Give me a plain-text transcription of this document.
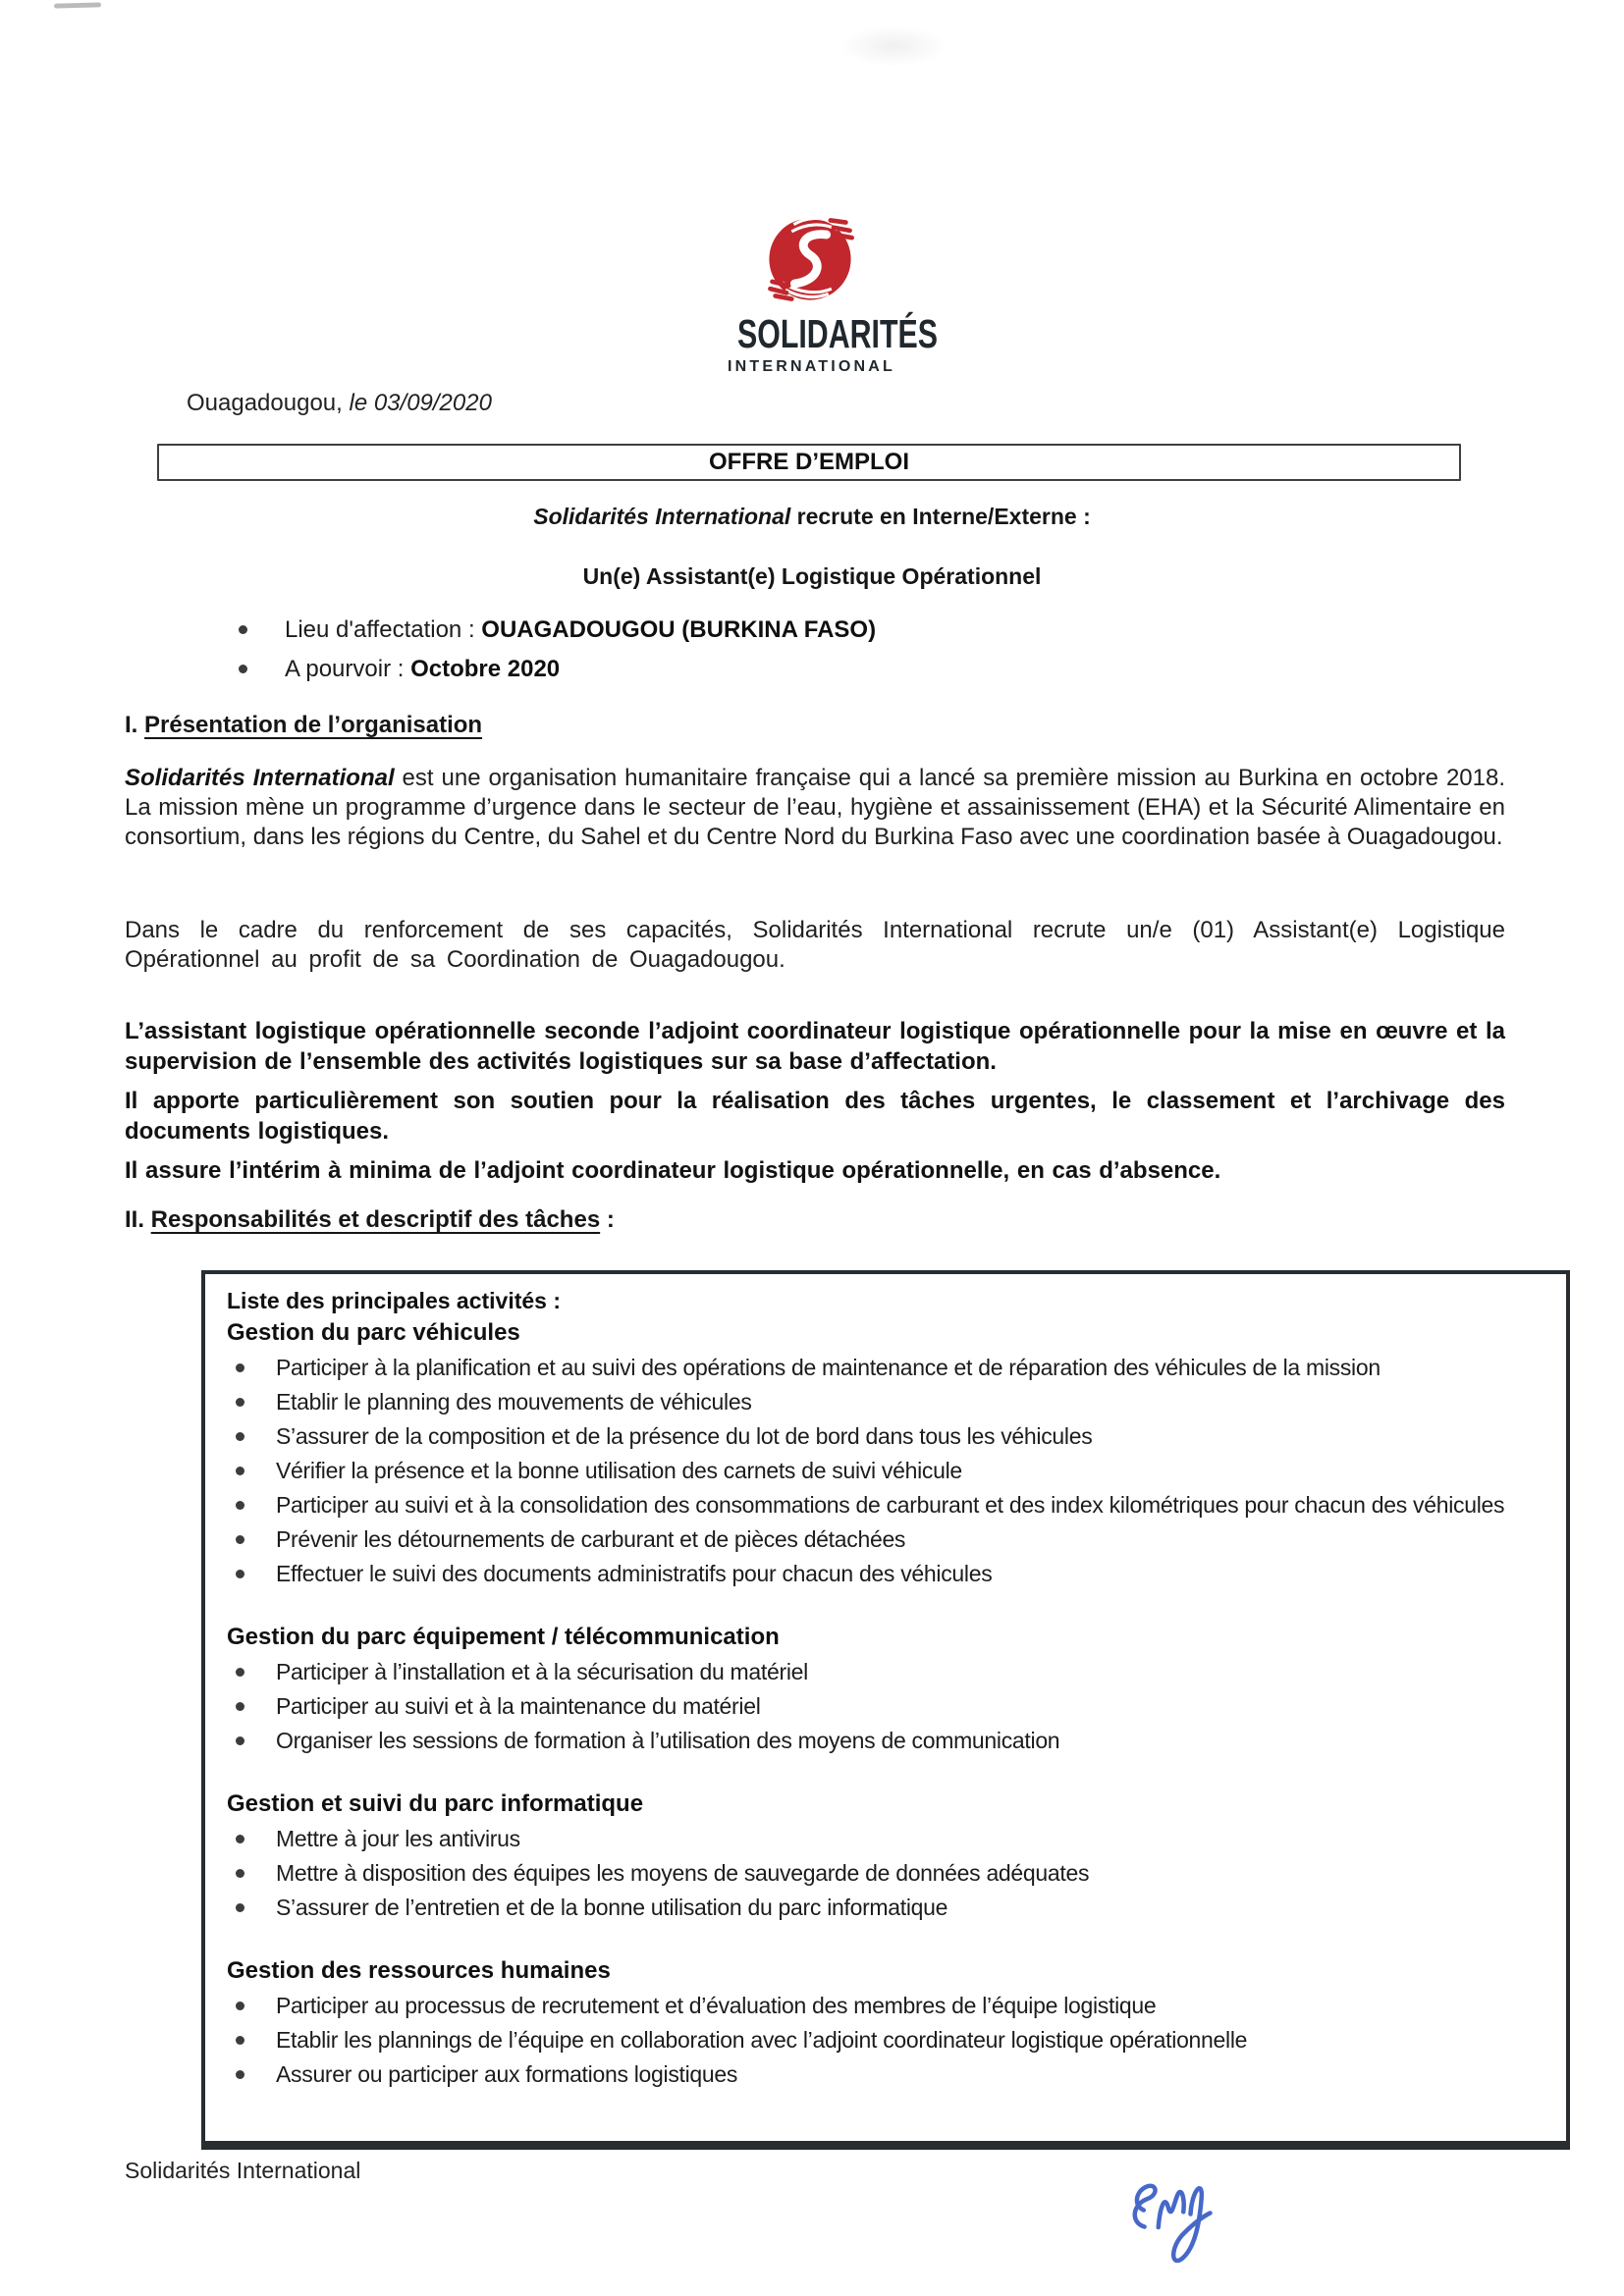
SOLIDARITÉS
INTERNATIONAL
Ouagadougou, le 03/09/2020
OFFRE D’EMPLOI
Solidarités International recrute en Interne/Externe :
Un(e) Assistant(e) Logistique Opérationnel
Lieu d'affectation : OUAGADOUGOU (BURKINA FASO)
A pourvoir : Octobre 2020
I. Présentation de l’organisation
Solidarités International est une organisation humanitaire française qui a lancé sa première mission au Burkina en octobre 2018. La mission mène un programme d’urgence dans le secteur de l’eau, hygiène et assainissement (EHA) et la Sécurité Alimentaire en consortium, dans les régions du Centre, du Sahel et du Centre Nord du Burkina Faso avec une coordination basée à Ouagadougou.
Dans le cadre du renforcement de ses capacités, Solidarités International recrute un/e (01) Assistant(e) Logistique Opérationnel au profit de sa Coordination de Ouagadougou.

L’assistant logistique opérationnelle seconde l’adjoint coordinateur logistique opérationnelle pour la mise en œuvre et la supervision de l’ensemble des activités logistiques sur sa base d’affectation.

Il apporte particulièrement son soutien pour la réalisation des tâches urgentes, le classement et l’archivage des documents logistiques.

Il assure l’intérim à minima de l’adjoint coordinateur logistique opérationnelle, en cas d’absence.

II. Responsabilités et descriptif des tâches :
Liste des principales activités :
Gestion du parc véhicules
Participer à la planification et au suivi des opérations de maintenance et de réparation des véhicules de la mission
Etablir le planning des mouvements de véhicules
S’assurer de la composition et de la présence du lot de bord dans tous les véhicules
Vérifier la présence et la bonne utilisation des carnets de suivi véhicule
Participer au suivi et à la consolidation des consommations de carburant et des index kilométriques pour chacun des véhicules
Prévenir les détournements de carburant et de pièces détachées
Effectuer le suivi des documents administratifs pour chacun des véhicules
Gestion du parc équipement / télécommunication
Participer à l’installation et à la sécurisation du matériel
Participer au suivi et à la maintenance du matériel
Organiser les sessions de formation à l’utilisation des moyens de communication
Gestion et suivi du parc informatique
Mettre à jour les antivirus
Mettre à disposition des équipes les moyens de sauvegarde de données adéquates
S’assurer de l’entretien et de la bonne utilisation du parc informatique
Gestion des ressources humaines
Participer au processus de recrutement et d’évaluation des membres de l’équipe logistique
Etablir les plannings de l’équipe en collaboration avec l’adjoint coordinateur logistique opérationnelle
Assurer ou participer aux formations logistiques
Solidarités International
